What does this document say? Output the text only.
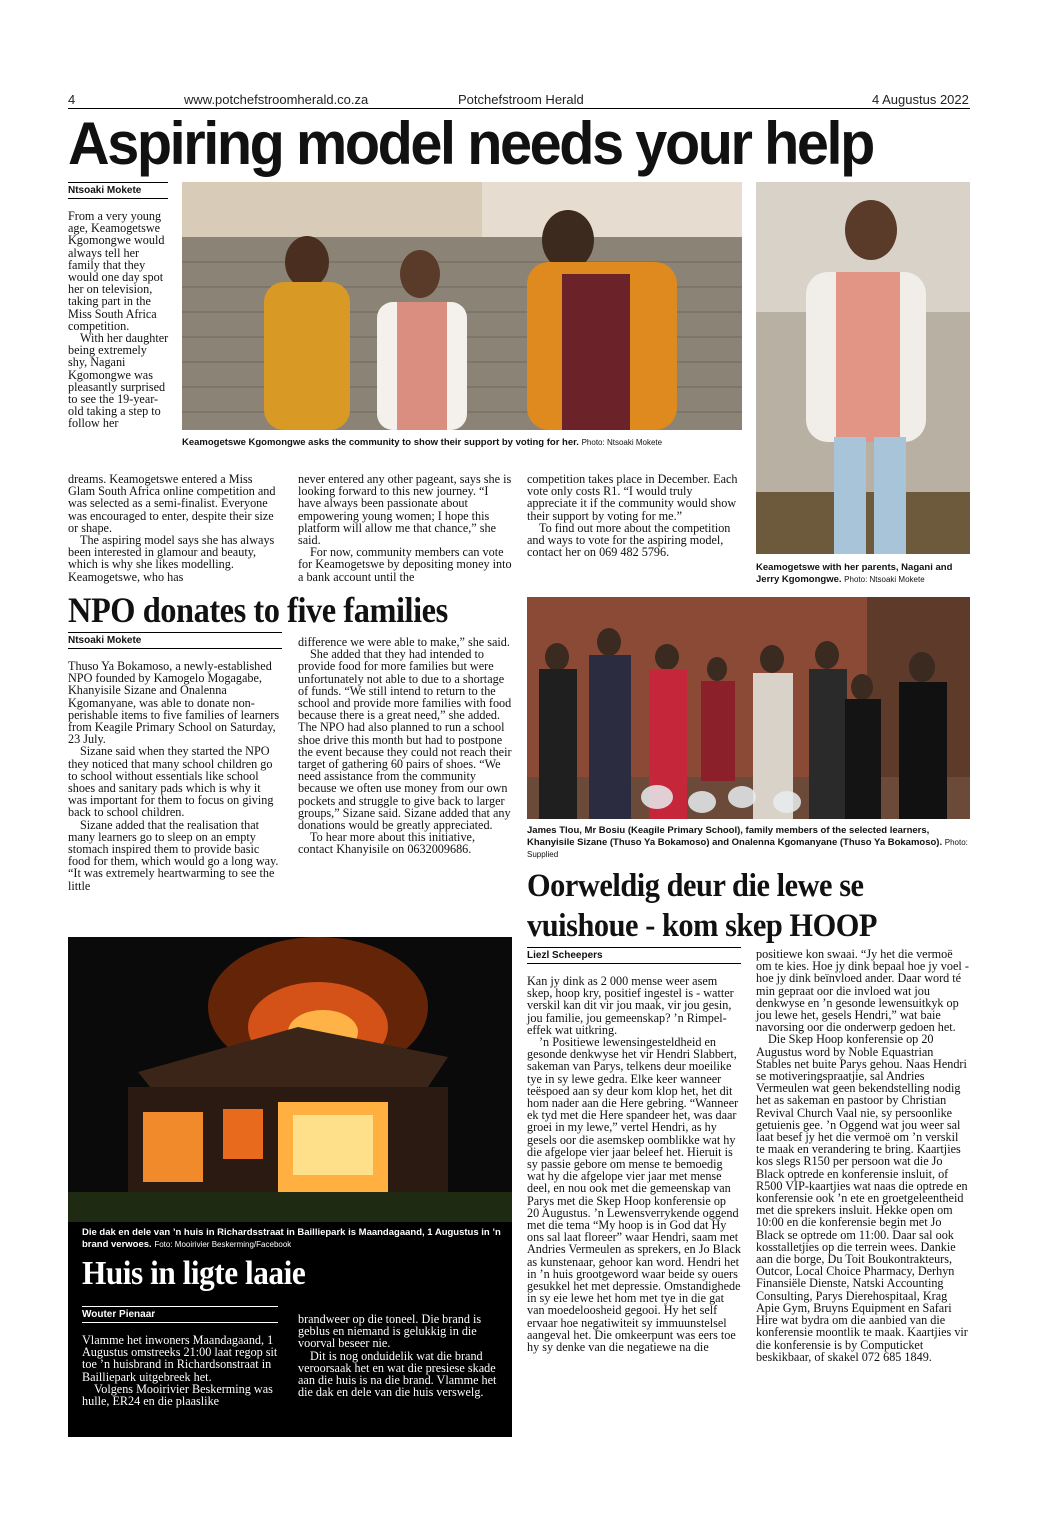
4	www.potchefstroomherald.co.za	Potchefstroom Herald	4 Augustus 2022
Aspiring model needs your help
Ntsoaki Mokete

From a very young age, Keamogetswe Kgomongwe would always tell her family that they would one day spot her on television, taking part in the Miss South Africa competition.

With her daughter being extremely shy, Nagani Kgomongwe was pleasantly surprised to see the 19-year-old taking a step to follow her

Keamogetswe Kgomongwe asks the community to show their support by voting for her. Photo: Ntsoaki Mokete

dreams. Keamogetswe entered a Miss Glam South Africa online competition and was selected as a semi-finalist. Everyone was encouraged to enter, despite their size or shape.

The aspiring model says she has always been interested in glamour and beauty, which is why she likes modelling. Keamogetswe, who has

never entered any other pageant, says she is looking forward to this new journey. “I have always been passionate about empowering young women; I hope this platform will allow me that chance,” she said.

For now, community members can vote for Keamogetswe by depositing money into a bank account until the

competition takes place in December. Each vote only costs R1. “I would truly appreciate it if the community would show their support by voting for me.”

To find out more about the competition and ways to vote for the aspiring model, contact her on 069 482 5796.

Keamogetswe with her parents, Nagani and Jerry Kgomongwe. Photo: Ntsoaki Mokete
NPO donates to five families
Ntsoaki Mokete

Thuso Ya Bokamoso, a newly-established NPO founded by Kamogelo Mogagabe, Khanyisile Sizane and Onalenna Kgomanyane, was able to donate non-perishable items to five families of learners from Keagile Primary School on Saturday, 23 July.

Sizane said when they started the NPO they noticed that many school children go to school without essentials like school shoes and sanitary pads which is why it was important for them to focus on giving back to school children.

Sizane added that the realisation that many learners go to sleep on an empty stomach inspired them to provide basic food for them, which would go a long way. “It was extremely heartwarming to see the little

difference we were able to make,” she said.

She added that they had intended to provide food for more families but were unfortunately not able to due to a shortage of funds. “We still intend to return to the school and provide more families with food because there is a great need,” she added. The NPO had also planned to run a school shoe drive this month but had to postpone the event because they could not reach their target of gathering 60 pairs of shoes. “We need assistance from the community because we often use money from our own pockets and struggle to give back to larger groups,” Sizane said. Sizane added that any donations would be greatly appreciated.

To hear more about this initiative, contact Khanyisile on 0632009686.

James Tlou, Mr Bosiu (Keagile Primary School), family members of the selected learners, Khanyisile Sizane (Thuso Ya Bokamoso) and Onalenna Kgomanyane (Thuso Ya Bokamoso). Photo: Supplied
Oorweldig deur die lewe se
vuishoue - kom skep HOOP
Liezl Scheepers

Kan jy dink as 2 000 mense weer asem skep, hoop kry, positief ingestel is - watter verskil kan dit vir jou maak, vir jou gesin, jou familie, jou gemeenskap? ’n Rimpel-effek wat uitkring.

’n Positiewe lewensingesteldheid en gesonde denkwyse het vir Hendri Slabbert, sakeman van Parys, telkens deur moeilike tye in sy lewe gedra. Elke keer wanneer teëspoed aan sy deur kom klop het, het dit hom nader aan die Here gebring. “Wanneer ek tyd met die Here spandeer het, was daar groei in my lewe,” vertel Hendri, as hy gesels oor die asemskep oomblikke wat hy die afgelope vier jaar beleef het. Hieruit is sy passie gebore om mense te bemoedig wat hy die afgelope vier jaar met mense deel, en nou ook met die gemeenskap van Parys met die Skep Hoop konferensie op 20 Augustus. ’n Lewensverrykende oggend met die tema “My hoop is in God dat Hy ons sal laat floreer” waar Hendri, saam met Andries Vermeulen as sprekers, en Jo Black as kunstenaar, gehoor kan word. Hendri het in ’n huis grootgeword waar beide sy ouers gesukkel het met depressie. Omstandighede in sy eie lewe het hom met tye in die gat van moedeloosheid gegooi. Hy het self ervaar hoe negatiwiteit sy immuunstelsel aangeval het. Die omkeerpunt was eers toe hy sy denke van die negatiewe na die

positiewe kon swaai. “Jy het die vermoë om te kies. Hoe jy dink bepaal hoe jy voel - hoe jy dink beïnvloed ander. Daar word té min gepraat oor die invloed wat jou denkwyse en ’n gesonde lewensuitkyk op jou lewe het, gesels Hendri,” wat baie navorsing oor die onderwerp gedoen het.

Die Skep Hoop konferensie op 20 Augustus word by Noble Equastrian Stables net buite Parys gehou. Naas Hendri se motiveringspraatjie, sal Andries Vermeulen wat geen bekendstelling nodig het as sakeman en pastoor by Christian Revival Church Vaal nie, sy persoonlike getuienis gee. ’n Oggend wat jou weer sal laat besef jy het die vermoë om ’n verskil te maak en verandering te bring. Kaartjies kos slegs R150 per persoon wat die Jo Black optrede en konferensie insluit, of R500 VIP-kaartjies wat naas die optrede en konferensie ook ’n ete en groetgeleentheid met die sprekers insluit. Hekke open om 10:00 en die konferensie begin met Jo Black se optrede om 11:00. Daar sal ook kosstalletjies op die terrein wees. Dankie aan die borge, Du Toit Boukontrakteurs, Outcor, Local Choice Pharmacy, Derhyn Finansiële Dienste, Natski Accounting Consulting, Parys Dierehospitaal, Krag Apie Gym, Bruyns Equipment en Safari Hire wat bydra om die aanbied van die konferensie moontlik te maak. Kaartjies vir die konferensie is by Computicket beskikbaar, of skakel 072 685 1849.

Die dak en dele van ’n huis in Richardsstraat in Bailliepark is Maandagaand, 1 Augustus in ’n brand verwoes. Foto: Mooirivier Beskerming/Facebook
Huis in ligte laaie
Wouter Pienaar

Vlamme het inwoners Maandagaand, 1 Augustus omstreeks 21:00 laat regop sit toe ’n huisbrand in Richardsonstraat in Bailliepark uitgebreek het.

Volgens Mooirivier Beskerming was hulle, ER24 en die plaaslike

brandweer op die toneel. Die brand is geblus en niemand is gelukkig in die voorval beseer nie.

Dit is nog onduidelik wat die brand veroorsaak het en wat die presiese skade aan die huis is na die brand. Vlamme het die dak en dele van die huis verswelg.
